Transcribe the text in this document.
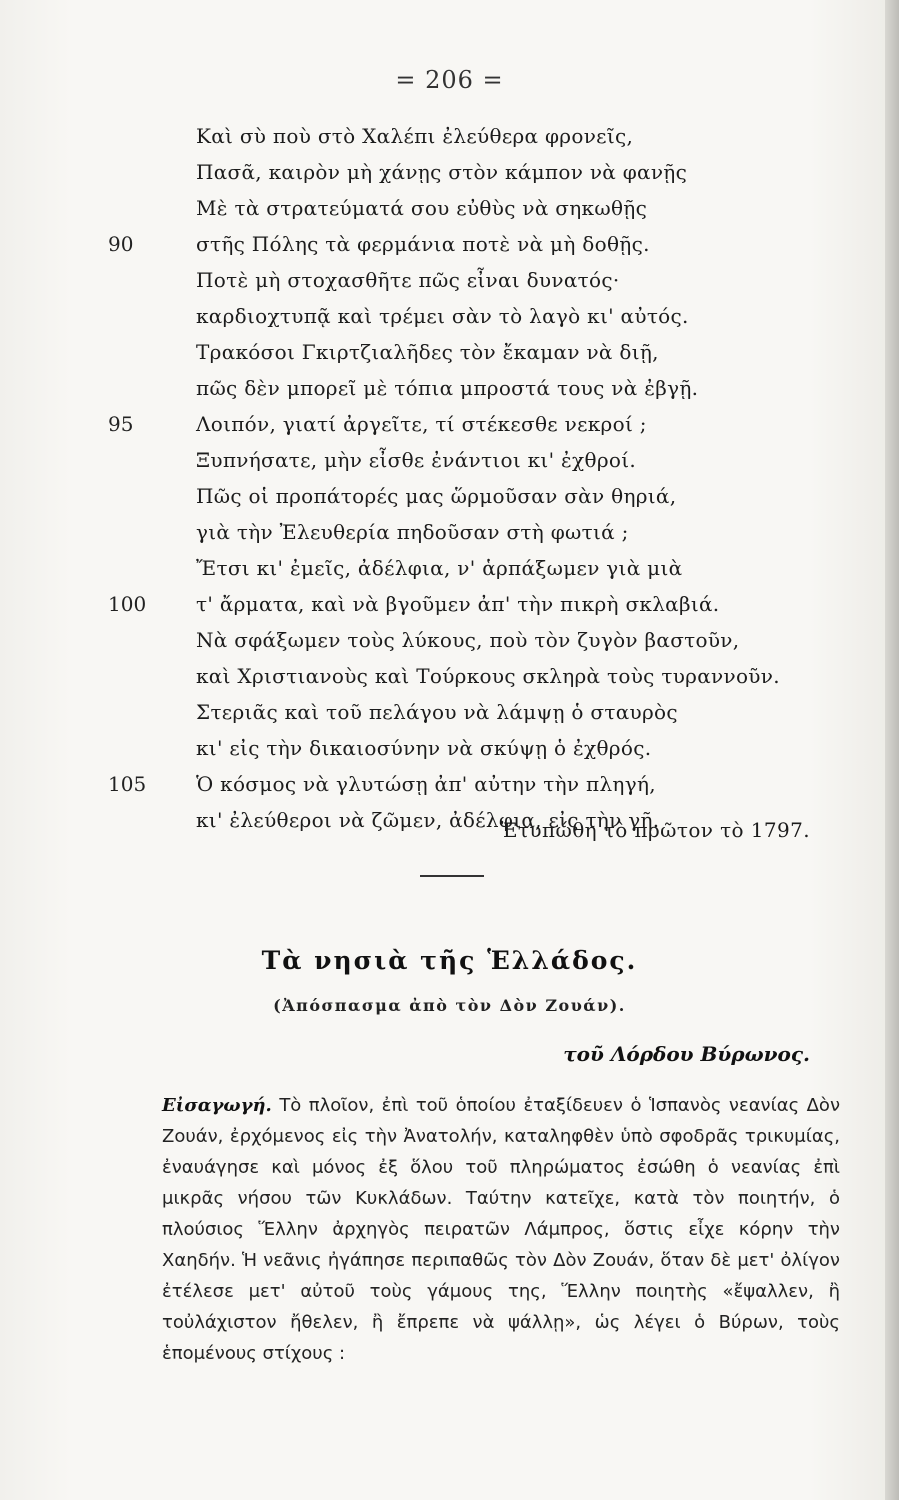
= 206 =
Καὶ σὺ ποὺ στὸ Χαλέπι ἐλεύθερα φρονεῖς,
Πασᾶ, καιρὸν μὴ χάνῃς στὸν κάμπον νὰ φανῇς
Μὲ τὰ στρατεύματά σου εὐθὺς νὰ σηκωθῇς
90	στῆς Πόλης τὰ φερμάνια ποτὲ νὰ μὴ δοθῇς.
Ποτὲ μὴ στοχασθῆτε πῶς εἶναι δυνατός·
καρδιοχτυπᾷ καὶ τρέμει σὰν τὸ λαγὸ κι' αὐτός.
Τρακόσοι Γκιρτζιαλῆδες τὸν ἔκαμαν νὰ διῇ,
πῶς δὲν μπορεῖ μὲ τόπια μπροστά τους νὰ ἐβγῇ.
95	Λοιπόν, γιατί ἀργεῖτε, τί στέκεσθε νεκροί ;
Ξυπνήσατε, μὴν εἶσθε ἐνάντιοι κι' ἐχθροί.
Πῶς οἱ προπάτορές μας ὥρμοῦσαν σὰν θηριά,
γιὰ τὴν Ἐλευθερία πηδοῦσαν στὴ φωτιά ;
Ἔτσι κι' ἐμεῖς, ἀδέλφια, ν' ἁρπάξωμεν γιὰ μιὰ
100	τ' ἄρματα, καὶ νὰ βγοῦμεν ἀπ' τὴν πικρὴ σκλαβιά.
Νὰ σφάξωμεν τοὺς λύκους, ποὺ τὸν ζυγὸν βαστοῦν,
καὶ Χριστιανοὺς καὶ Τούρκους σκληρὰ τοὺς τυραννοῦν.
Στεριᾶς καὶ τοῦ πελάγου νὰ λάμψῃ ὁ σταυρὸς
κι' εἰς τὴν δικαιοσύνην νὰ σκύψῃ ὁ ἐχθρός.
105	Ὁ κόσμος νὰ γλυτώσῃ ἀπ' αὐτην τὴν πληγή,
κι' ἐλεύθεροι νὰ ζῶμεν, ἀδέλφια, εἰς τὴν γῆ.
Ἐτυπώθη τὸ πρῶτον τὸ 1797.
Τὰ νησιὰ τῆς Ἑλλάδος.
(Ἀπόσπασμα ἀπὸ τὸν Δὸν Ζουάν).
τοῦ Λόρδου Βύρωνος.
Εἰσαγωγή. Τὸ πλοῖον, ἐπὶ τοῦ ὁποίου ἐταξίδευεν ὁ Ἱσπανὸς νεανίας Δὸν Ζουάν, ἐρχόμενος εἰς τὴν Ἀνατολήν, καταληφθὲν ὑπὸ σφοδρᾶς τρικυμίας, ἐναυάγησε καὶ μόνος ἐξ ὅλου τοῦ πληρώματος ἐσώθη ὁ νεανίας ἐπὶ μικρᾶς νήσου τῶν Κυκλάδων. Ταύτην κατεῖχε, κατὰ τὸν ποιητήν, ὁ πλούσιος Ἕλλην ἀρχηγὸς πειρατῶν Λάμπρος, ὅστις εἶχε κόρην τὴν Χαηδήν. Ἡ νεᾶνις ἠγάπησε περιπαθῶς τὸν Δὸν Ζουάν, ὅταν δὲ μετ' ὀλίγον ἐτέλεσε μετ' αὐτοῦ τοὺς γάμους της, Ἕλλην ποιητὴς «ἔψαλλεν, ἢ τοὐλάχιστον ἤθελεν, ἢ ἔπρεπε νὰ ψάλλῃ», ὡς λέγει ὁ Βύρων, τοὺς ἑπομένους στίχους :
